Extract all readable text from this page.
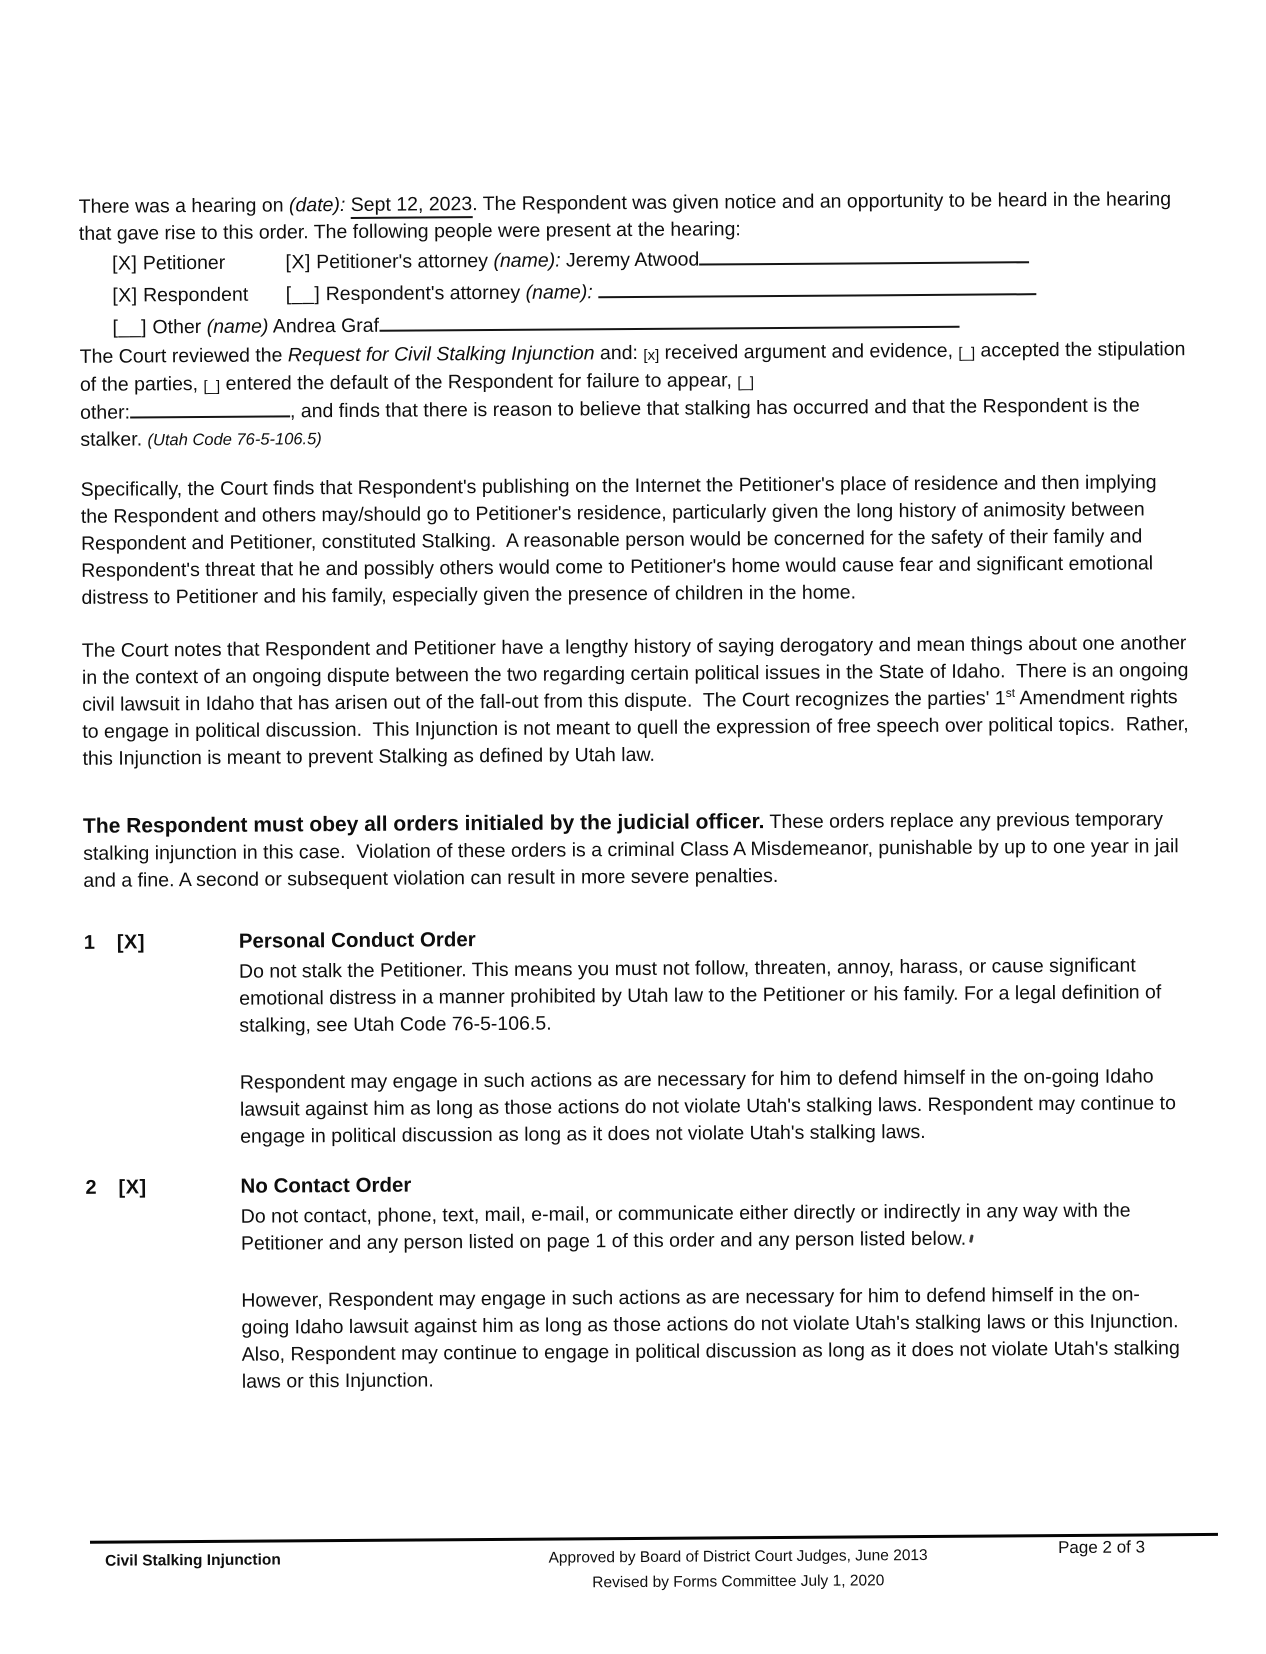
There was a hearing on (date): Sept 12, 2023. The Respondent was given notice and an opportunity to be heard in the hearing that gave rise to this order. The following people were present at the hearing:

[X] Petitioner	[X] Petitioner's attorney (name): Jeremy Atwood
[X] Respondent [__] Respondent's attorney (name):
[__] Other (name) Andrea Graf

The Court reviewed the Request for Civil Stalking Injunction and: [x] received argument and evidence, [_] accepted the stipulation of the parties, [_] entered the default of the Respondent for failure to appear, [_]
other:	, and finds that there is reason to believe that stalking has occurred and that the Respondent is the stalker. (Utah Code 76-5-106.5)

Specifically, the Court finds that Respondent's publishing on the Internet the Petitioner's place of residence and then implying the Respondent and others may/should go to Petitioner's residence, particularly given the long history of animosity between Respondent and Petitioner, constituted Stalking.  A reasonable person would be concerned for the safety of their family and Respondent's threat that he and possibly others would come to Petitioner's home would cause fear and significant emotional distress to Petitioner and his family, especially given the presence of children in the home.

The Court notes that Respondent and Petitioner have a lengthy history of saying derogatory and mean things about one another in the context of an ongoing dispute between the two regarding certain political issues in the State of Idaho.  There is an ongoing civil lawsuit in Idaho that has arisen out of the fall-out from this dispute.  The Court recognizes the parties' 1st Amendment rights to engage in political discussion.  This Injunction is not meant to quell the expression of free speech over political topics.  Rather, this Injunction is meant to prevent Stalking as defined by Utah law.

The Respondent must obey all orders initialed by the judicial officer. These orders replace any previous temporary stalking injunction in this case.  Violation of these orders is a criminal Class A Misdemeanor, punishable by up to one year in jail and a fine. A second or subsequent violation can result in more severe penalties.

1	[X]	Personal Conduct Order

Do not stalk the Petitioner. This means you must not follow, threaten, annoy, harass, or cause significant emotional distress in a manner prohibited by Utah law to the Petitioner or his family. For a legal definition of stalking, see Utah Code 76-5-106.5.

Respondent may engage in such actions as are necessary for him to defend himself in the on-going Idaho lawsuit against him as long as those actions do not violate Utah's stalking laws. Respondent may continue to engage in political discussion as long as it does not violate Utah's stalking laws.

2	[X]	No Contact Order

Do not contact, phone, text, mail, e-mail, or communicate either directly or indirectly in any way with the Petitioner and any person listed on page 1 of this order and any person listed below.

However, Respondent may engage in such actions as are necessary for him to defend himself in the on-going Idaho lawsuit against him as long as those actions do not violate Utah's stalking laws or this Injunction.  Also, Respondent may continue to engage in political discussion as long as it does not violate Utah's stalking laws or this Injunction.

Civil Stalking Injunction	Approved by Board of District Court Judges, June 2013
Revised by Forms Committee July 1, 2020
Page 2 of 3
